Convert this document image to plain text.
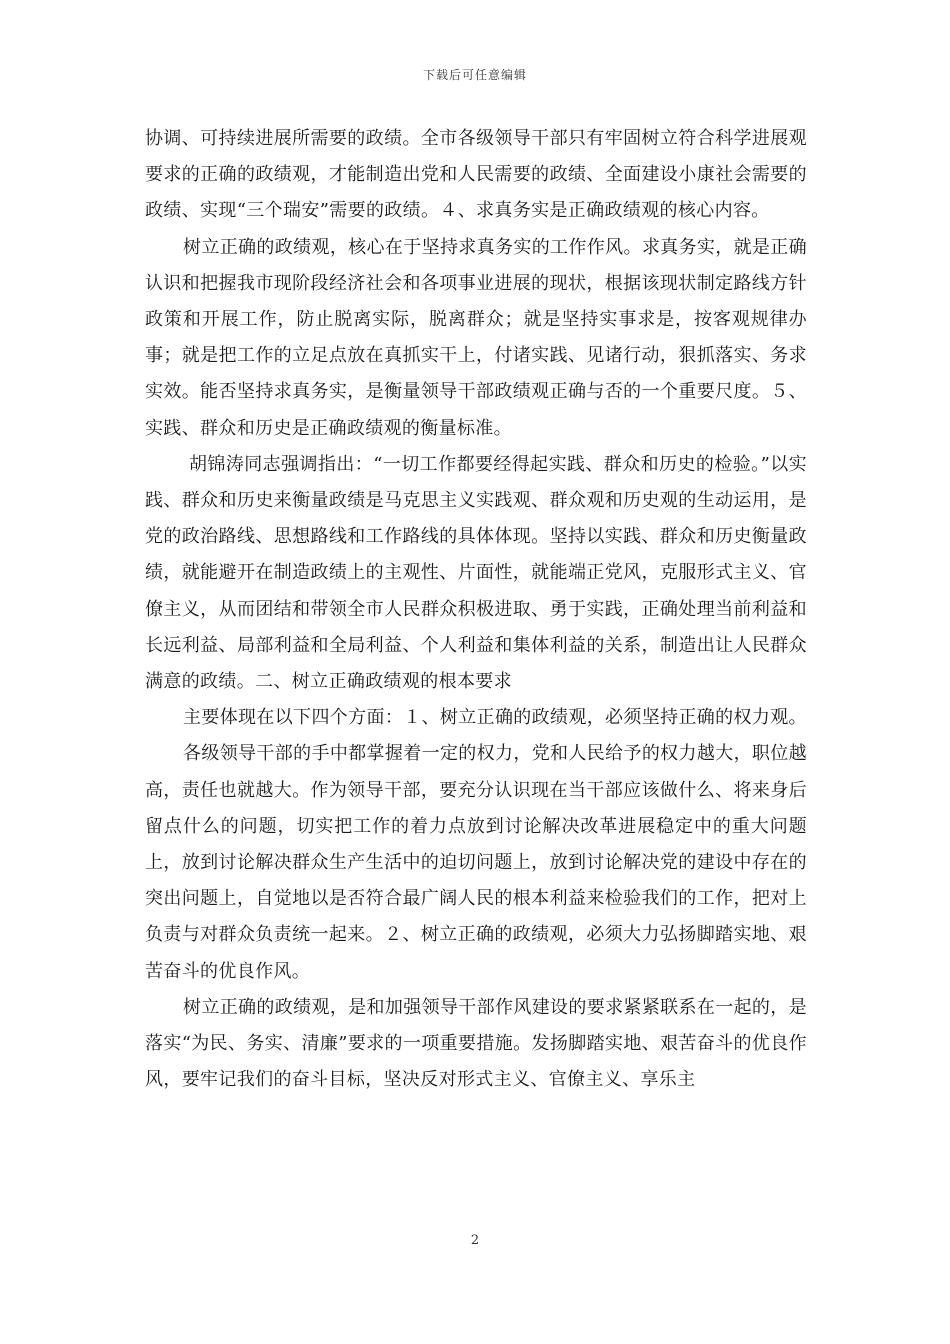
下载后可任意编辑

协调、可持续进展所需要的政绩。全市各级领导干部只有牢固树立符合科学进展观要求的正确的政绩观，才能制造出党和人民需要的政绩、全面建设小康社会需要的政绩、实现“三个瑞安”需要的政绩。４、求真务实是正确政绩观的核心内容。

树立正确的政绩观，核心在于坚持求真务实的工作作风。求真务实，就是正确认识和把握我市现阶段经济社会和各项事业进展的现状，根据该现状制定路线方针政策和开展工作，防止脱离实际，脱离群众；就是坚持实事求是，按客观规律办事；就是把工作的立足点放在真抓实干上，付诸实践、见诸行动，狠抓落实、务求实效。能否坚持求真务实，是衡量领导干部政绩观正确与否的一个重要尺度。５、实践、群众和历史是正确政绩观的衡量标准。

胡锦涛同志强调指出：“一切工作都要经得起实践、群众和历史的检验。”以实践、群众和历史来衡量政绩是马克思主义实践观、群众观和历史观的生动运用，是党的政治路线、思想路线和工作路线的具体体现。坚持以实践、群众和历史衡量政绩，就能避开在制造政绩上的主观性、片面性，就能端正党风，克服形式主义、官僚主义，从而团结和带领全市人民群众积极进取、勇于实践，正确处理当前利益和长远利益、局部利益和全局利益、个人利益和集体利益的关系，制造出让人民群众满意的政绩。二、树立正确政绩观的根本要求

主要体现在以下四个方面：１、树立正确的政绩观，必须坚持正确的权力观。

各级领导干部的手中都掌握着一定的权力，党和人民给予的权力越大，职位越高，责任也就越大。作为领导干部，要充分认识现在当干部应该做什么、将来身后留点什么的问题，切实把工作的着力点放到讨论解决改革进展稳定中的重大问题上，放到讨论解决群众生产生活中的迫切问题上，放到讨论解决党的建设中存在的突出问题上，自觉地以是否符合最广阔人民的根本利益来检验我们的工作，把对上负责与对群众负责统一起来。２、树立正确的政绩观，必须大力弘扬脚踏实地、艰苦奋斗的优良作风。

树立正确的政绩观，是和加强领导干部作风建设的要求紧紧联系在一起的，是落实“为民、务实、清廉”要求的一项重要措施。发扬脚踏实地、艰苦奋斗的优良作风，要牢记我们的奋斗目标，坚决反对形式主义、官僚主义、享乐主

2
